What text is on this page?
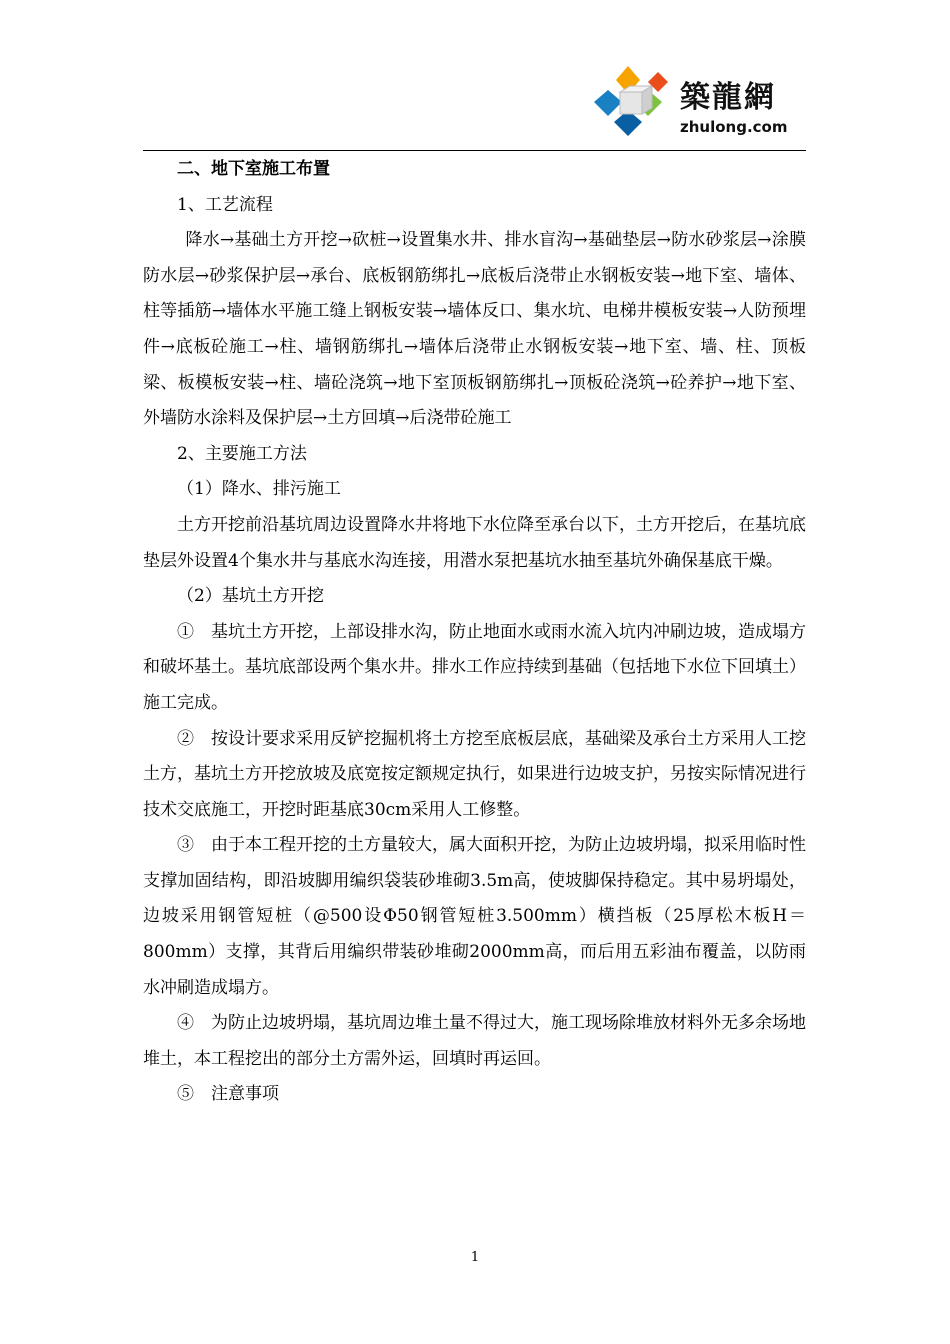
築龍網
zhulong.com

二、地下室施工布置

1、工艺流程

降水→基础土方开挖→砍桩→设置集水井、排水盲沟→基础垫层→防水砂浆层→涂膜防水层→砂浆保护层→承台、底板钢筋绑扎→底板后浇带止水钢板安装→地下室、墙体、柱等插筋→墙体水平施工缝上钢板安装→墙体反口、集水坑、电梯井模板安装→人防预埋件→底板砼施工→柱、墙钢筋绑扎→墙体后浇带止水钢板安装→地下室、墙、柱、顶板梁、板模板安装→柱、墙砼浇筑→地下室顶板钢筋绑扎→顶板砼浇筑→砼养护→地下室、外墙防水涂料及保护层→土方回填→后浇带砼施工

2、主要施工方法

（1）降水、排污施工

土方开挖前沿基坑周边设置降水井将地下水位降至承台以下，土方开挖后，在基坑底垫层外设置4个集水井与基底水沟连接，用潜水泵把基坑水抽至基坑外确保基底干燥。

（2）基坑土方开挖

①　基坑土方开挖，上部设排水沟，防止地面水或雨水流入坑内冲刷边坡，造成塌方和破坏基土。基坑底部设两个集水井。排水工作应持续到基础（包括地下水位下回填土）施工完成。

②　按设计要求采用反铲挖掘机将土方挖至底板层底，基础梁及承台土方采用人工挖土方，基坑土方开挖放坡及底宽按定额规定执行，如果进行边坡支护，另按实际情况进行技术交底施工，开挖时距基底30cm采用人工修整。

③　由于本工程开挖的土方量较大，属大面积开挖，为防止边坡坍塌，拟采用临时性支撑加固结构，即沿坡脚用编织袋装砂堆砌3.5m高，使坡脚保持稳定。其中易坍塌处，边坡采用钢管短桩（@500设Φ50钢管短桩3.500mm）横挡板（25厚松木板H＝800mm）支撑，其背后用编织带装砂堆砌2000mm高，而后用五彩油布覆盖，以防雨水冲刷造成塌方。

④　为防止边坡坍塌，基坑周边堆土量不得过大，施工现场除堆放材料外无多余场地堆土，本工程挖出的部分土方需外运，回填时再运回。

⑤　注意事项

1
